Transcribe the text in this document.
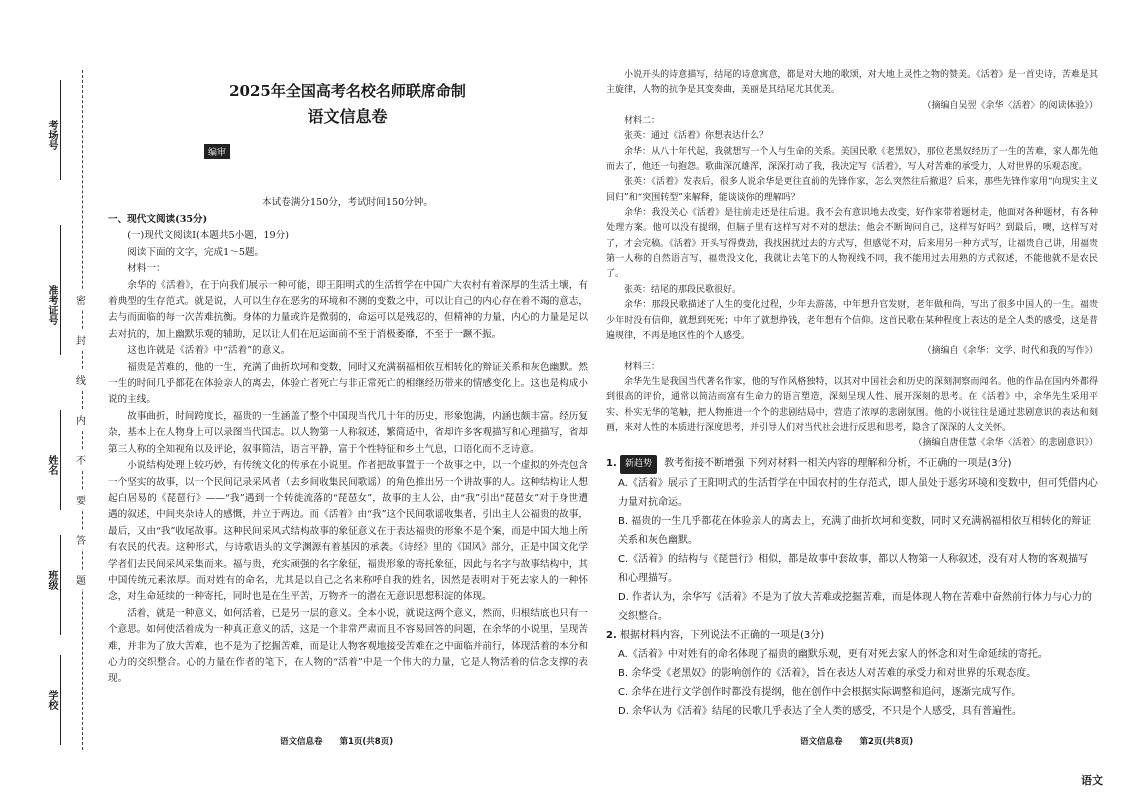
考场号
准考证号
姓名
班级
学校
密
封
线
内
不
要
答
题
2025年全国高考名校名师联席命制
语文信息卷
编审
本试卷满分150分，考试时间150分钟。

一、现代文阅读(35分)

(一)现代文阅读Ⅰ(本题共5小题，19分)

阅读下面的文字，完成1～5题。

材料一：

余华的《活着》，在于向我们展示一种可能，即王阳明式的生活哲学在中国广大农村有着深厚的生活土壤，有着典型的生存范式。就是说，人可以生存在恶劣的环境和不测的变数之中，可以让自己的内心存在着不竭的意志，去与而面临的每一次苦难抗衡。身体的力量或许是微弱的，命运可以是残忍的，但精神的力量，内心的力量是足以去对抗的，加上幽默乐观的辅助，足以让人们在厄运面前不至于消极萎靡，不至于一蹶不振。

这也许就是《活着》中“活着”的意义。

福贵是苦难的，他的一生，充满了曲折坎坷和变数，同时又充满祸福相依互相转化的辩证关系和灰色幽默。然一生的时间几乎都花在体验亲人的离去，体验亡者死亡与非正常死亡的相继经历带来的情感变化上。这也是构成小说的主线。

故事曲折，时间跨度长，福贵的一生涵盖了整个中国现当代几十年的历史，形象饱满，内涵也颇丰富。经历复杂，基本上在人物身上可以录图当代国志。以人物第一人称叙述，繁简适中，省却许多客观描写和心理描写，省却第三人称的全知视角以及评论，叙事简洁，语言平静，富于个性特征和乡土气息，口语化而不乏诗意。

小说结构处理上较巧妙，有传统文化的传承在小说里。作者把故事置于一个故事之中，以一个虚拟的外壳包含一个坚实的故事，以一个民间记录采风者（去乡间收集民间歌谣）的角色推出另一个讲故事的人。这种结构让人想起白居易的《琵琶行》——“我”遇到一个转徙流落的“琵琶女”，故事的主人公，由“我”引出“琵琶女”对于身世遭遇的叙述，中间夹杂诗人的感慨，并立于两边。而《活着》由“我”这个民间歌谣收集者，引出主人公福贵的故事，最后，又由“我”收尾故事。这种民间采风式结构故事的象征意义在于表达福贵的形象不是个案，而是中国大地上所有农民的代表。这种形式，与诗歌语头的文学渊源有着基因的承袭。《诗经》里的《国风》部分，正是中国文化学学者们去民间采风采集而来。福与贵，充实顽强的名字象征，福贵形象的寄托象征，因此与名字与故事结构中，其中国传统元素浓厚。而对姓有的命名，尤其是以自己之名来称呼自我的姓名，因然是表明对于死去家人的一种怀念，对生命延续的一种寄托，同时也是在生平苦，万物齐一的潜在无意识思想积淀的体现。

活着，就是一种意义，如何活着，已是另一层的意义。全本小说，就说这两个意义，然而，归根结底也只有一个意思。如何使活着成为一种真正意义的活，这是一个非常严肃而且不容易回答的问题，在余华的小说里，呈现苦难，并非为了放大苦难，也不是为了挖掘苦难，而是让人物客观地接受苦难在之中面临并前行，体现活着的本分和心力的交织整合。心的力量在作者的笔下，在人物的“活着”中是一个伟大的力量，它是人物活着的信念支撑的表现。

语文信息卷　　第1页(共8页)

小说开头的诗意描写，结尾的诗意寓意，都是对大地的歌颂，对大地上灵性之物的赞美。《活着》是一首史诗，苦难是其主旋律，人物的抗争是其变奏曲，美丽是其结尾尤其优美。

（摘编自吴翌《余华〈活着〉的阅读体验》）

材料二：

张英：通过《活着》你想表达什么？

余华：从八十年代起，我就想写一个人与生命的关系。美国民歌《老黑奴》，那位老黑奴经历了一生的苦难，家人都先他而去了，他还一句抱怨。歌曲深沉雄浑，深深打动了我，我决定写《活着》，写人对苦难的承受力，人对世界的乐观态度。

张英：《活着》发表后，很多人说余华是更往直前的先锋作家，怎么突然往后撤退？后来，那些先锋作家用“向现实主义回归”和“突围转型”来解释，能谈谈你的理解吗？

余华：我没关心《活着》是往前走还是往后退。我不会有意识地去改变，好作家带着题材走，他面对各种题材，有各种处理方案。他可以没有提纲，但脑子里有这样写对不对的想法；他会不断询问自己，这样写好吗？到最后，噢，这样写对了，才会完稿。《活着》开头写得费劲，我找困扰过去的方式写，但感觉不对，后来用另一种方式写，让福贵自己讲，用福贵第一人称的自然语言写，福贵没文化，我就让去笔下的人物视线不同，我不能用过去用熟的方式叙述，不能他就不是农民了。

张英：结尾的那段民歌很好。

余华：那段民歌描述了人生的变化过程，少年去游荡，中年想升官发财，老年做和尚，写出了很多中国人的一生。福贵少年时没有信仰，就想到死死；中年了就想挣钱，老年想有个信仰。这首民歌在某种程度上表达的是全人类的感受，这是普遍规律，不再是地区性的个人感受。

（摘编自《余华：文学、时代和我的写作》）

材料三：

余华先生是我国当代著名作家，他的写作风格独特，以其对中国社会和历史的深刻洞察而闻名。他的作品在国内外都得到很高的评价，通常以简洁而富有生命力的语言塑造，深刻呈现人性、展开深刻的思考。在《活着》中，余华先生采用平实、朴实无华的笔触，把人物推进一个个的悲剧结局中，营造了浓厚的悲剧氛围。他的小说往往是通过悲剧意识的表达和刻画，来对人性的本质进行深度思考，并引导人们对当代社会进行反思和思考，隐含了深深的人文关怀。

（摘编自唐佳慧《余华〈活着〉的悲剧意识》）

1. 新趋势 教考衔接不断增强 下列对材料一相关内容的理解和分析，不正确的一项是(3分)

A.《活着》展示了王阳明式的生活哲学在中国农村的生存范式，即人虽处于恶劣环境和变数中，但可凭借内心力量对抗命运。

B. 福贵的一生几乎都花在体验亲人的离去上，充满了曲折坎坷和变数，同时又充满祸福相依互相转化的辩证关系和灰色幽默。

C.《活着》的结构与《琵琶行》相似，都是故事中套故事，都以人物第一人称叙述，没有对人物的客观描写和心理描写。

D. 作者认为，余华写《活着》不是为了放大苦难或挖掘苦难，而是体现人物在苦难中奋然前行体力与心力的交织整合。

2. 根据材料内容，下列说法不正确的一项是(3分)

A.《活着》中对姓有的命名体现了福贵的幽默乐观，更有对死去家人的怀念和对生命延续的寄托。

B. 余华受《老黑奴》的影响创作的《活着》，旨在表达人对苦难的承受力和对世界的乐观态度。

C. 余华在进行文学创作时都没有提纲，他在创作中会根据实际调整和追问，逐渐完成写作。

D. 余华认为《活着》结尾的民歌几乎表达了全人类的感受，不只是个人感受，具有普遍性。

语文信息卷　　第2页(共8页)
语文
